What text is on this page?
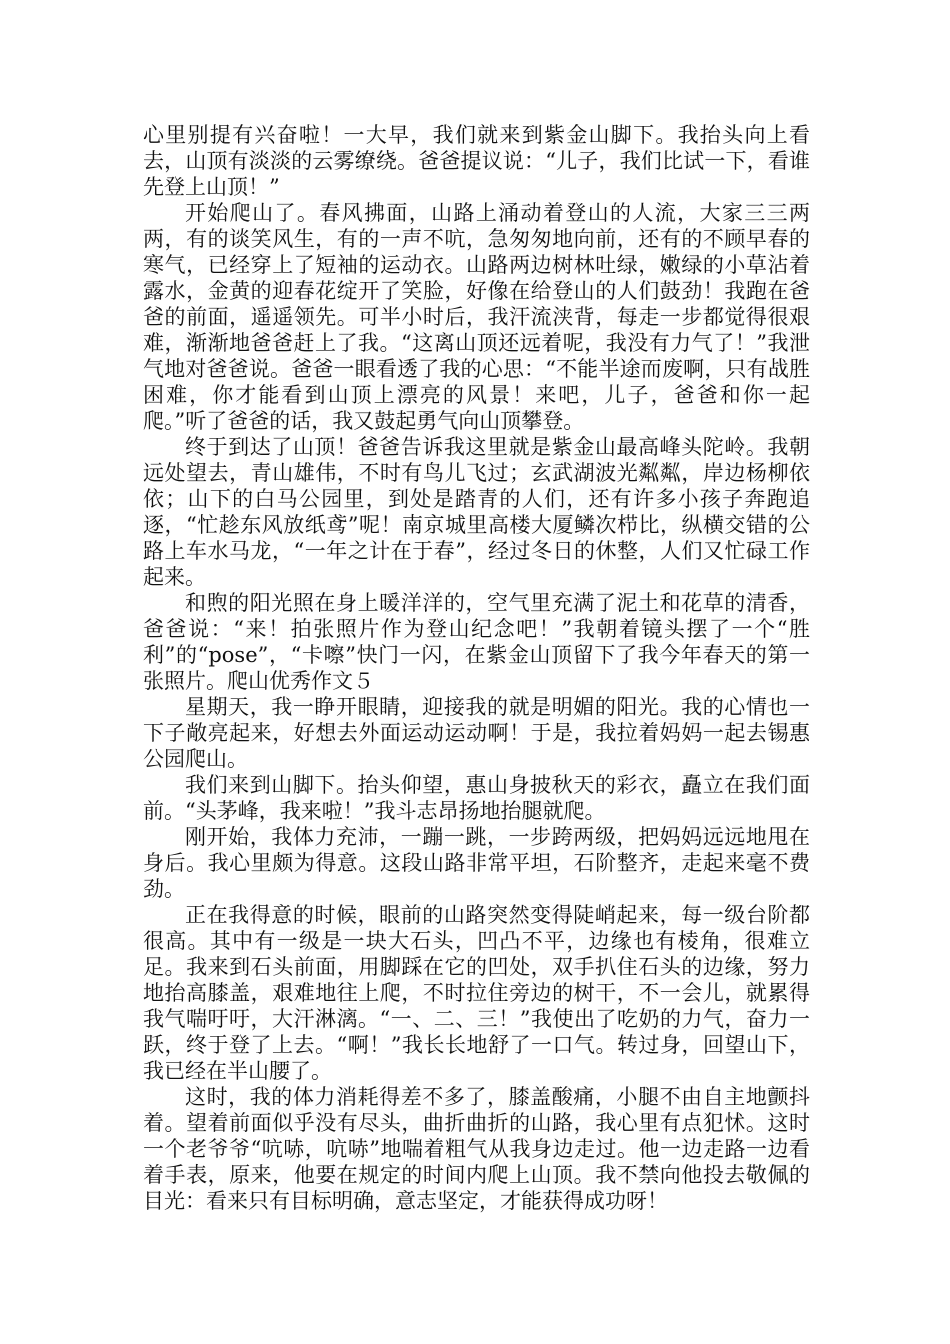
心里别提有兴奋啦！一大早，我们就来到紫金山脚下。我抬头向上看去，山顶有淡淡的云雾缭绕。爸爸提议说：“儿子，我们比试一下，看谁先登上山顶！”

开始爬山了。春风拂面，山路上涌动着登山的人流，大家三三两两，有的谈笑风生，有的一声不吭，急匆匆地向前，还有的不顾早春的寒气，已经穿上了短袖的运动衣。山路两边树林吐绿，嫩绿的小草沾着露水，金黄的迎春花绽开了笑脸，好像在给登山的人们鼓劲！我跑在爸爸的前面，遥遥领先。可半小时后，我汗流浃背，每走一步都觉得很艰难，渐渐地爸爸赶上了我。“这离山顶还远着呢，我没有力气了！”我泄气地对爸爸说。爸爸一眼看透了我的心思：“不能半途而废啊，只有战胜困难，你才能看到山顶上漂亮的风景！来吧，儿子，爸爸和你一起爬。”听了爸爸的话，我又鼓起勇气向山顶攀登。

终于到达了山顶！爸爸告诉我这里就是紫金山最高峰头陀岭。我朝远处望去，青山雄伟，不时有鸟儿飞过；玄武湖波光粼粼，岸边杨柳依依；山下的白马公园里，到处是踏青的人们，还有许多小孩子奔跑追逐，“忙趁东风放纸鸢”呢！南京城里高楼大厦鳞次栉比，纵横交错的公路上车水马龙，“一年之计在于春”，经过冬日的休整，人们又忙碌工作起来。

和煦的阳光照在身上暖洋洋的，空气里充满了泥土和花草的清香，爸爸说：“来！拍张照片作为登山纪念吧！”我朝着镜头摆了一个“胜利”的“pose”，“卡嚓”快门一闪，在紫金山顶留下了我今年春天的第一张照片。爬山优秀作文５

星期天，我一睁开眼睛，迎接我的就是明媚的阳光。我的心情也一下子敞亮起来，好想去外面运动运动啊！于是，我拉着妈妈一起去锡惠公园爬山。

我们来到山脚下。抬头仰望，惠山身披秋天的彩衣，矗立在我们面前。“头茅峰，我来啦！”我斗志昂扬地抬腿就爬。

刚开始，我体力充沛，一蹦一跳，一步跨两级，把妈妈远远地甩在身后。我心里颇为得意。这段山路非常平坦，石阶整齐，走起来毫不费劲。

正在我得意的时候，眼前的山路突然变得陡峭起来，每一级台阶都很高。其中有一级是一块大石头，凹凸不平，边缘也有棱角，很难立足。我来到石头前面，用脚踩在它的凹处，双手扒住石头的边缘，努力地抬高膝盖，艰难地往上爬，不时拉住旁边的树干，不一会儿，就累得我气喘吁吁，大汗淋漓。“一、二、三！”我使出了吃奶的力气，奋力一跃，终于登了上去。“啊！”我长长地舒了一口气。转过身，回望山下，我已经在半山腰了。

这时，我的体力消耗得差不多了，膝盖酸痛，小腿不由自主地颤抖着。望着前面似乎没有尽头，曲折曲折的山路，我心里有点犯怵。这时一个老爷爷“吭哧，吭哧”地喘着粗气从我身边走过。他一边走路一边看着手表，原来，他要在规定的时间内爬上山顶。我不禁向他投去敬佩的目光：看来只有目标明确，意志坚定，才能获得成功呀！
